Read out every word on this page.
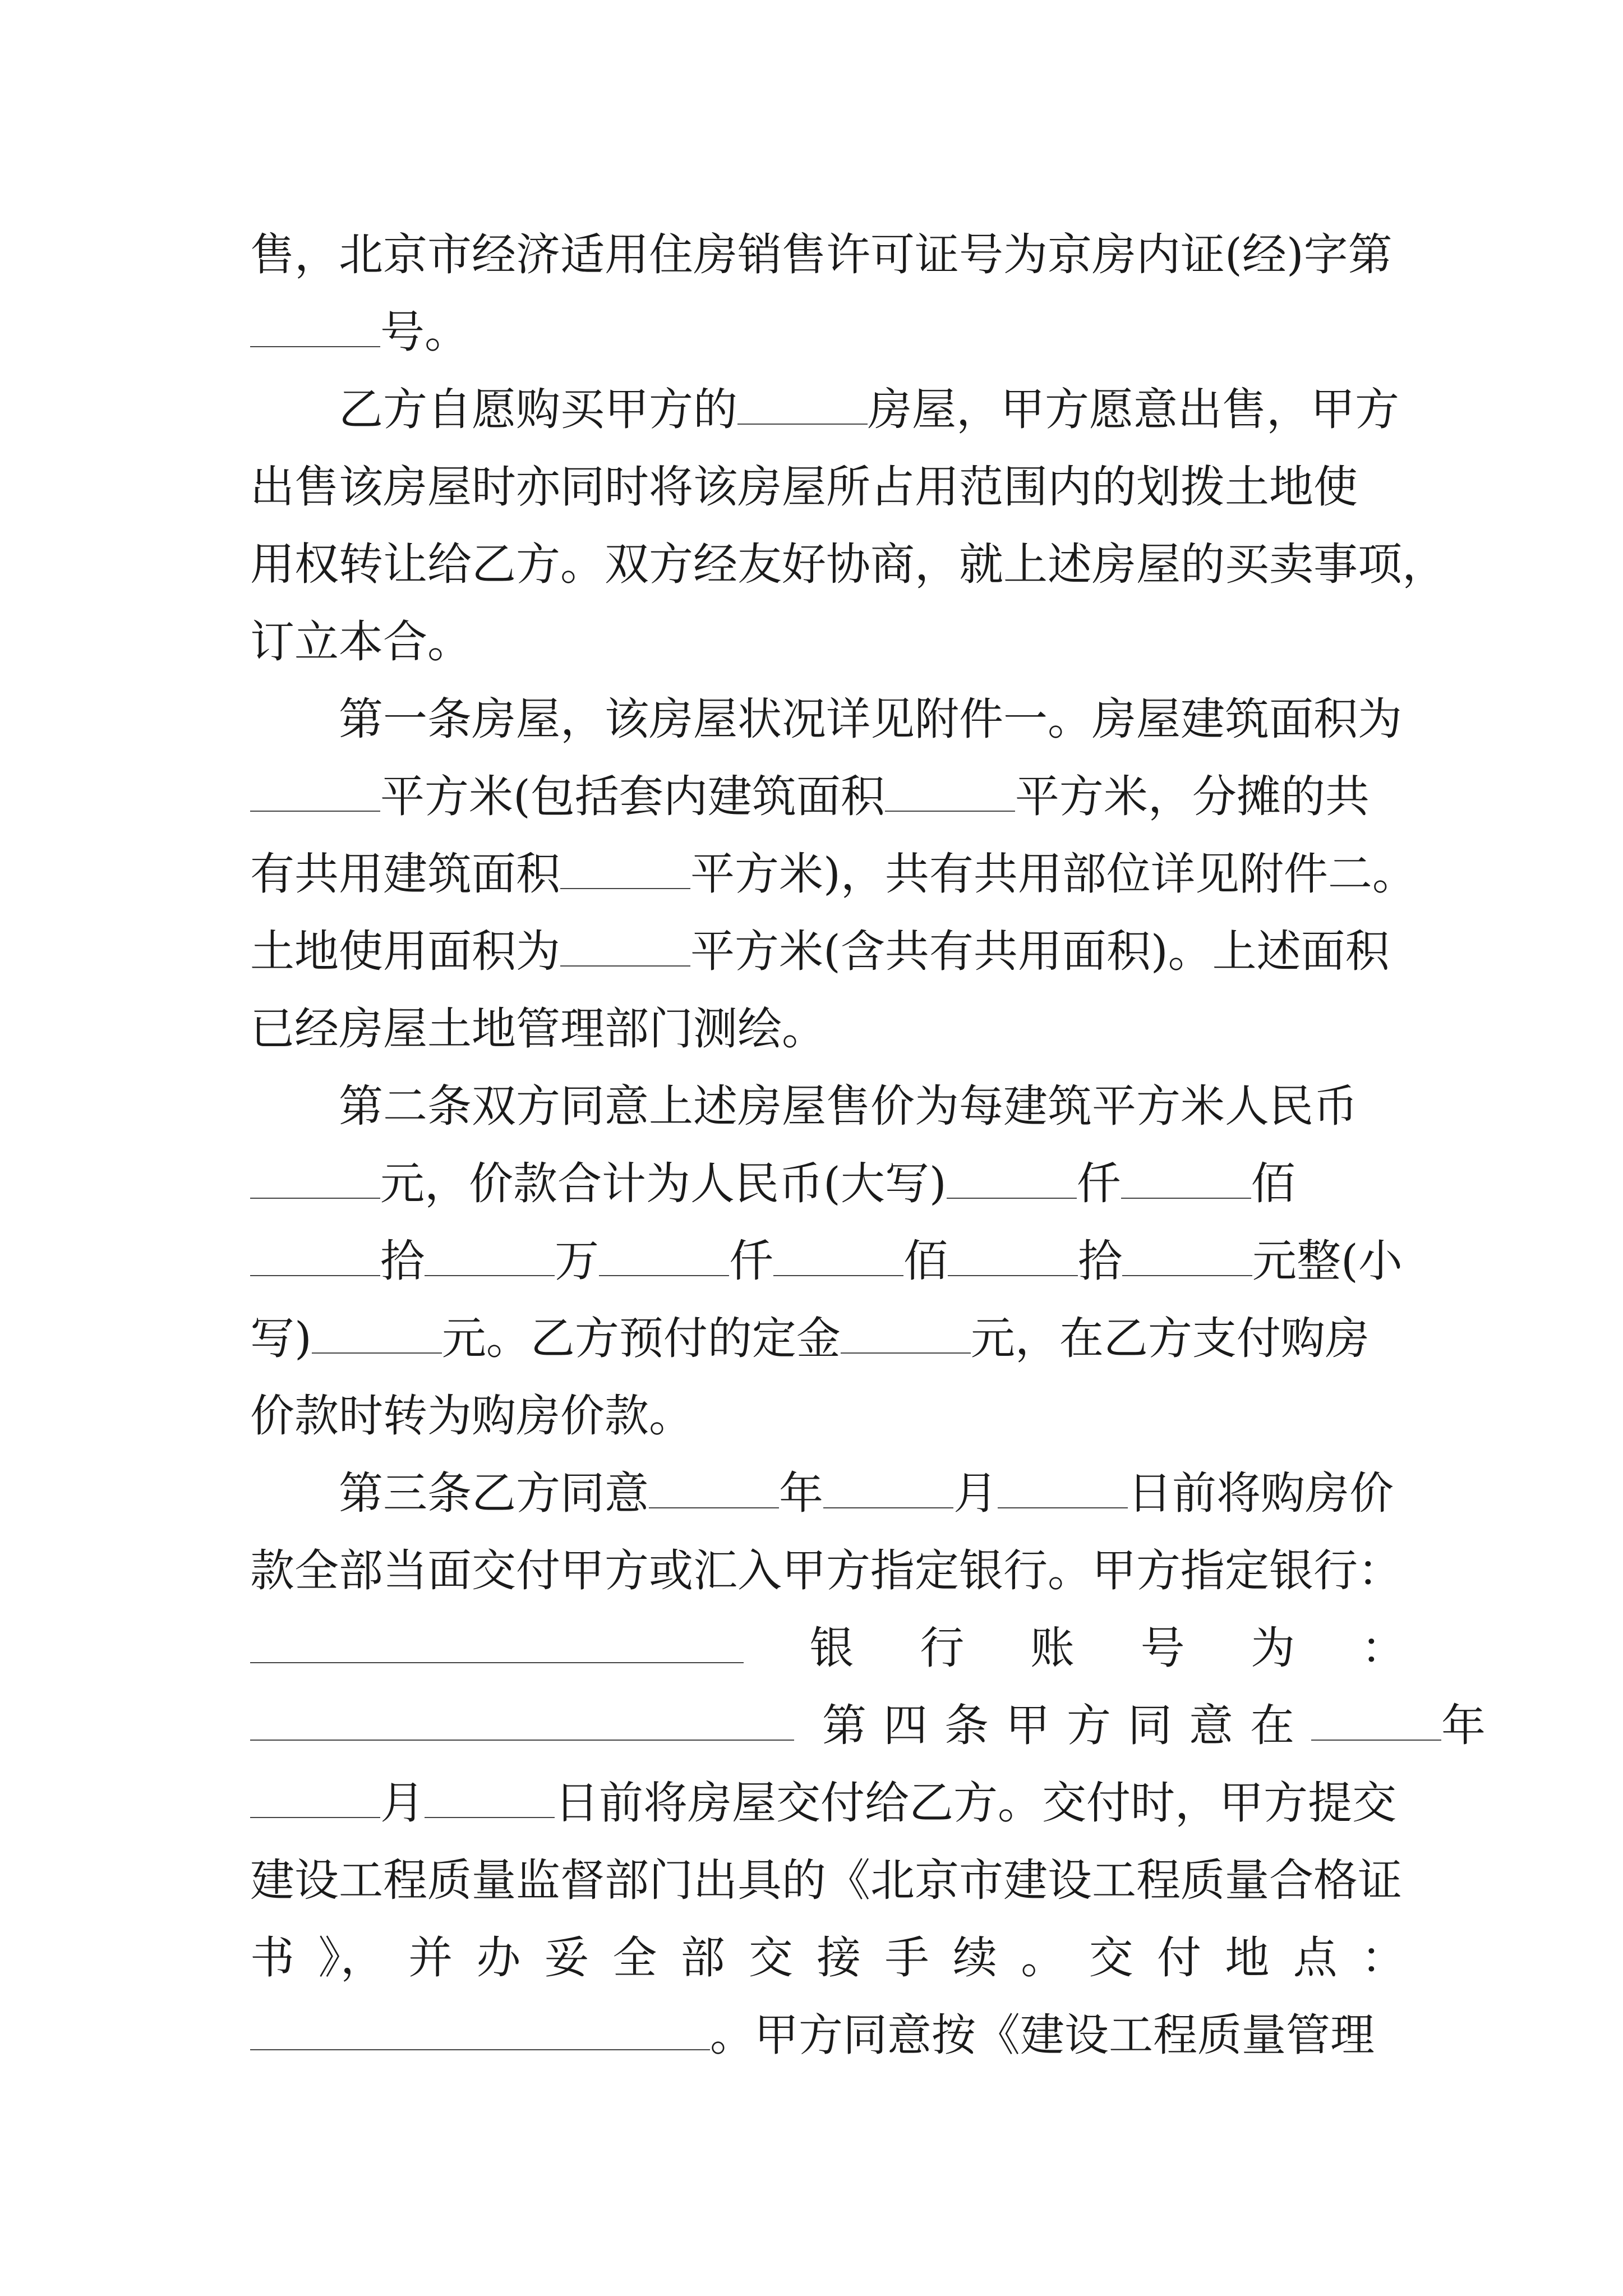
售，北京市经济适用住房销售许可证号为京房内证(经)字第
号。
乙方自愿购买甲方的	房屋，甲方愿意出售，甲方
出售该房屋时亦同时将该房屋所占用范围内的划拨土地使
用权转让给乙方。双方经友好协商，就上述房屋的买卖事项，
订立本合。
第一条房屋，该房屋状况详见附件一。房屋建筑面积为
平方米(包括套内建筑面积	平方米，分摊的共
有共用建筑面积	平方米)，共有共用部位详见附件二。
土地使用面积为	平方米(含共有共用面积)。上述面积
已经房屋土地管理部门测绘。
第二条双方同意上述房屋售价为每建筑平方米人民币
元，价款合计为人民币(大写)	仟	佰
拾	万	仟	佰	拾	元整(小
写)	元。乙方预付的定金	元，在乙方支付购房
价款时转为购房价款。
第三条乙方同意	年	月	日前将购房价
款全部当面交付甲方或汇入甲方指定银行。甲方指定银行：
银 行 账 号 为 ：
第四条甲方同意在	年
月	日前将房屋交付给乙方。交付时，甲方提交
建设工程质量监督部门出具的《北京市建设工程质量合格证
书 》， 并 办 妥 全 部 交 接 手 续 。 交 付 地 点 ：
。甲方同意按《建设工程质量管理
